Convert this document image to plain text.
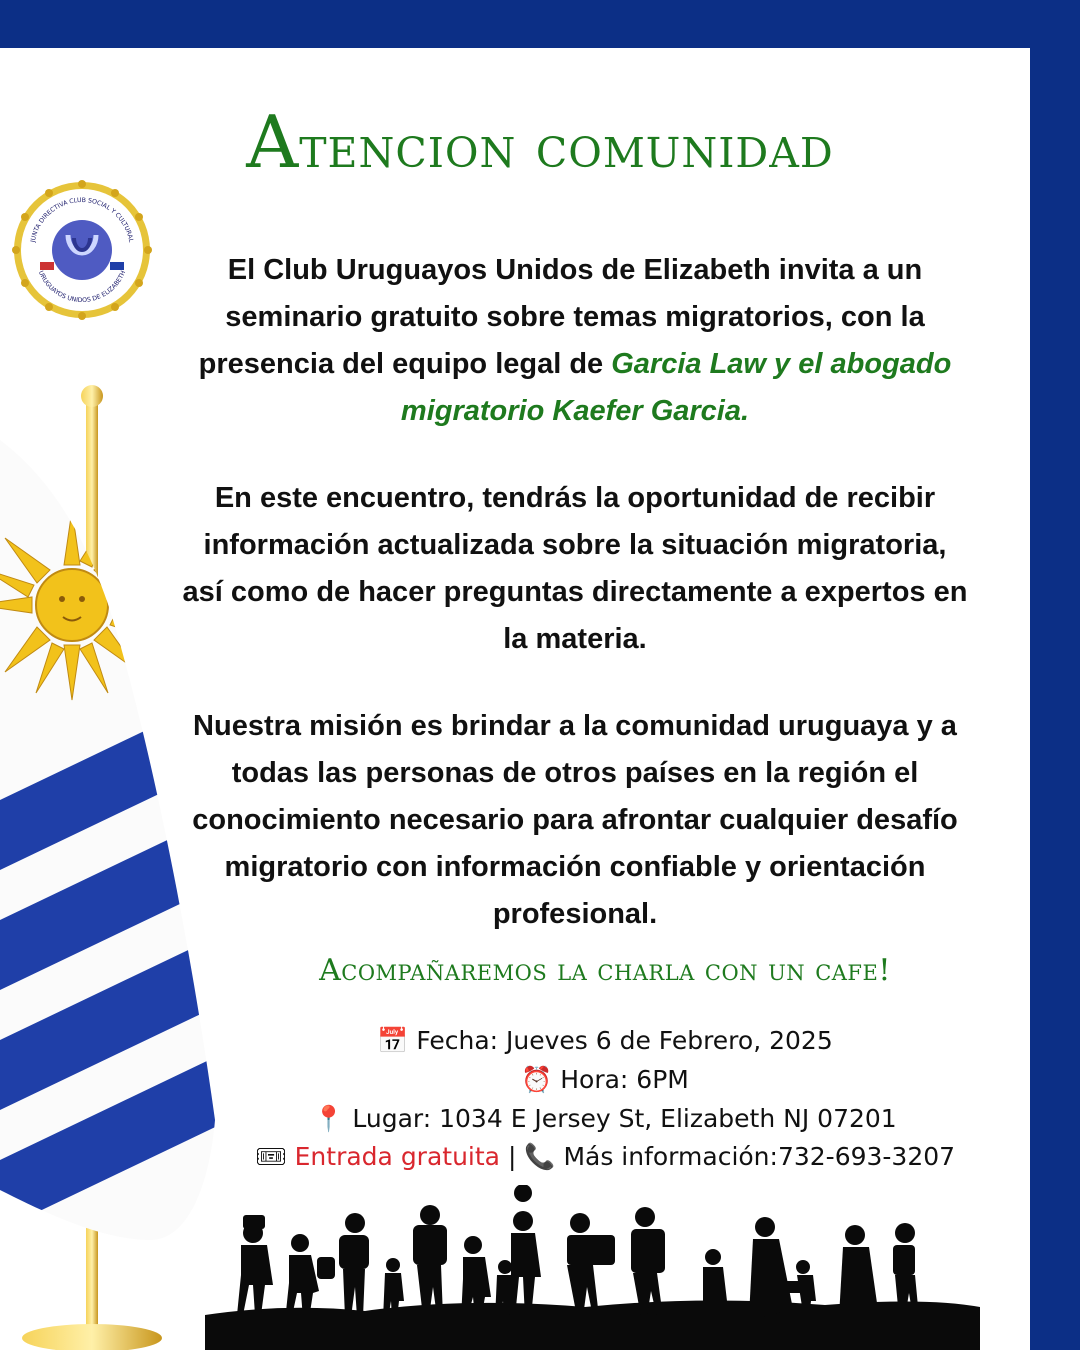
Atencion comunidad
JUNTA DIRECTIVA CLUB SOCIAL Y CULTURAL
URUGUAYOS UNIDOS DE ELIZABETH	El Club Uruguayos Unidos de Elizabeth invita a un seminario gratuito sobre temas migratorios, con la presencia del equipo legal de Garcia Law y el abogado migratorio Kaefer Garcia.
En este encuentro, tendrás la oportunidad de recibir información actualizada sobre la situación migratoria, así como de hacer preguntas directamente a expertos en la materia.
Nuestra misión es brindar a la comunidad uruguaya y a todas las personas de otros países en la región el conocimiento necesario para afrontar cualquier desafío migratorio con información confiable y orientación profesional.
Acompañaremos la charla con un cafe!
📅 Fecha: Jueves 6 de Febrero, 2025
⏰ Hora: 6PM
📍 Lugar: 1034 E Jersey St, Elizabeth NJ 07201
🎟 Entrada gratuita | 📞 Más información:732-693-3207
